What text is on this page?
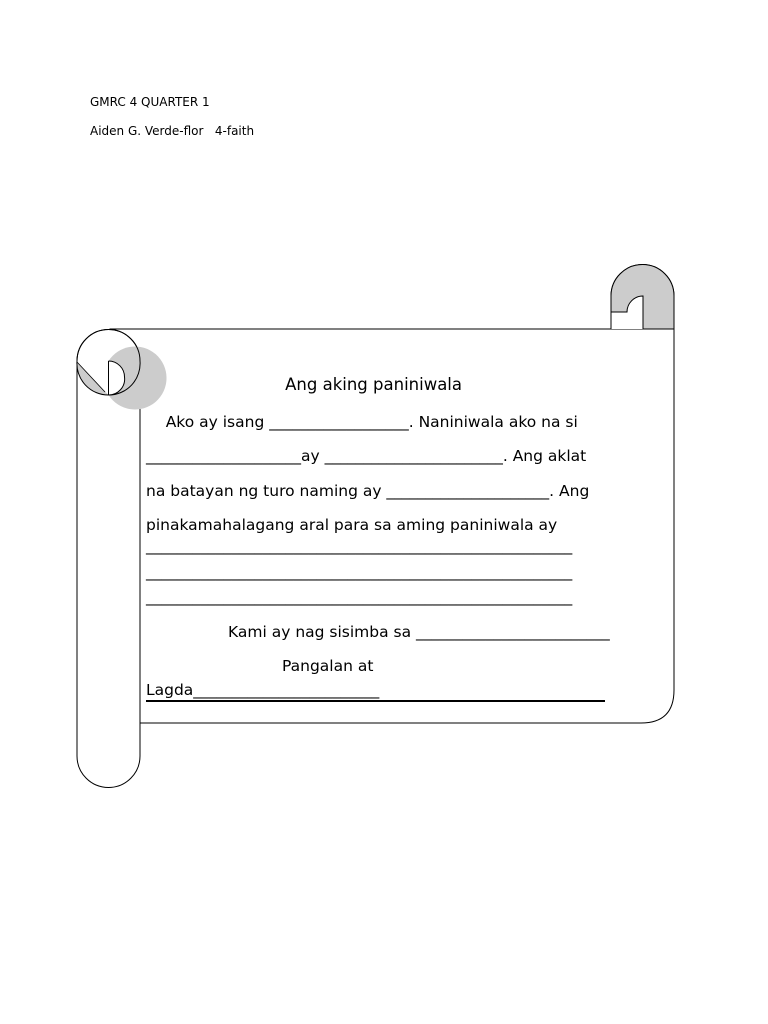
GMRC 4 QUARTER 1
Aiden G. Verde-flor   4-faith
Ang aking paniniwala
Ako ay isang __________________. Naniniwala ako na si
____________________ay _______________________. Ang aklat
na batayan ng turo naming ay _____________________. Ang
pinakamahalagang aral para sa aming paniniwala ay
_______________________________________________________
_______________________________________________________
_______________________________________________________
Kami ay nag sisimba sa _________________________
Pangalan at
Lagda________________________
